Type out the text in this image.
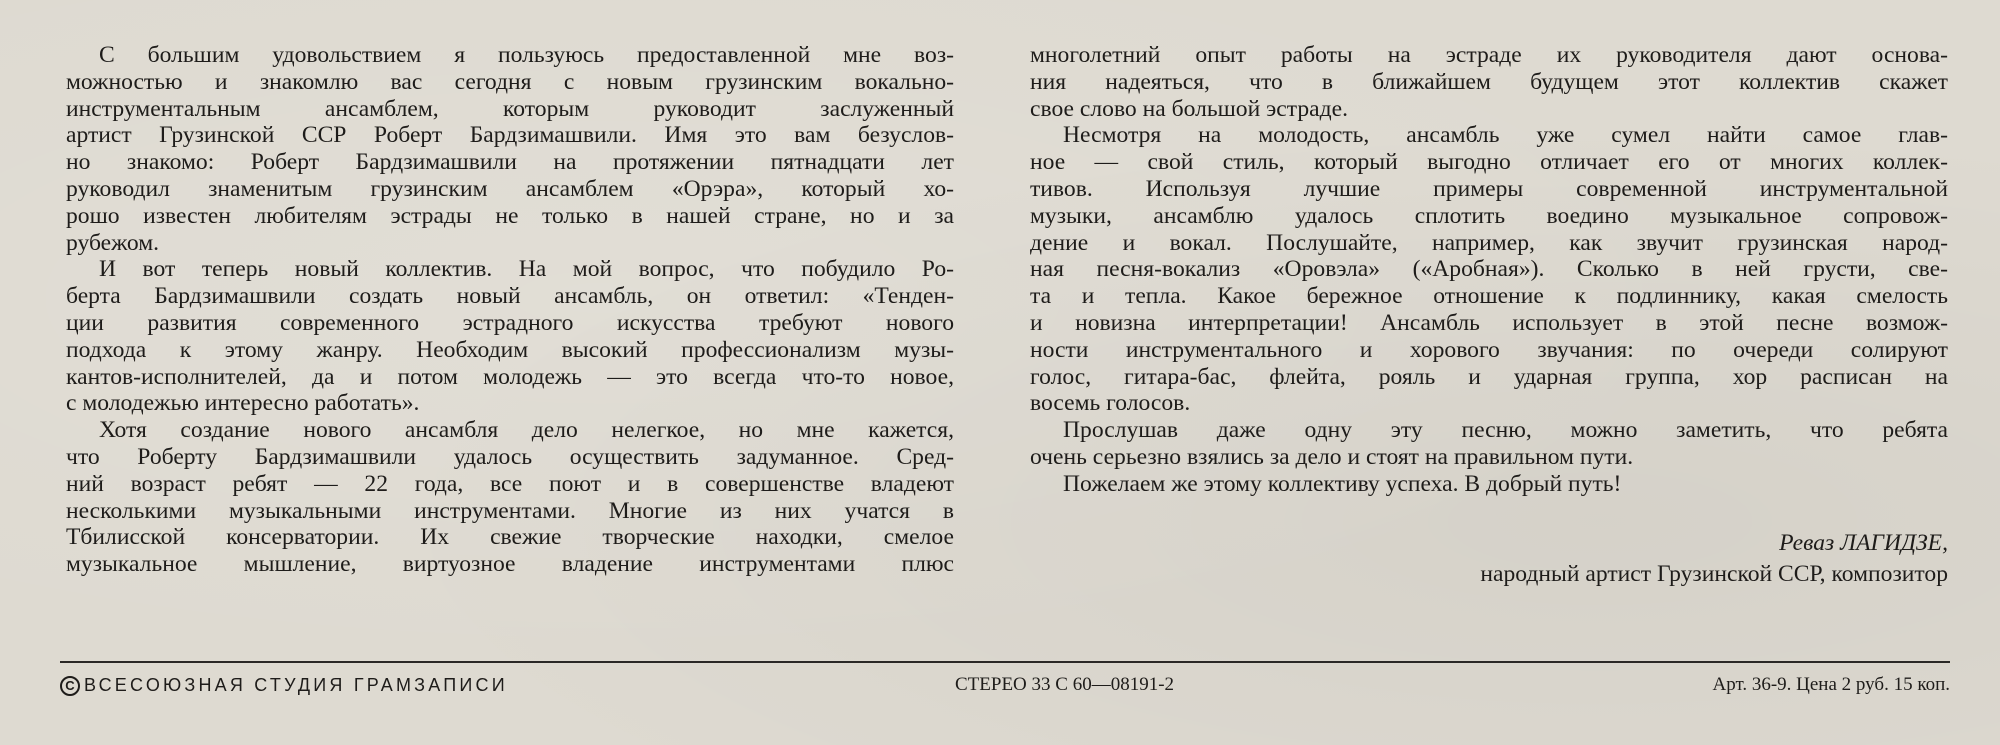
С большим удовольствием я пользуюсь предоставленной мне воз-
можностью и знакомлю вас сегодня с новым грузинским вокально-
инструментальным ансамблем, которым руководит заслуженный
артист Грузинской ССР Роберт Бардзимашвили. Имя это вам безуслов-
но знакомо: Роберт Бардзимашвили на протяжении пятнадцати лет
руководил знаменитым грузинским ансамблем «Орэра», который хо-
рошо известен любителям эстрады не только в нашей стране, но и за
рубежом.
И вот теперь новый коллектив. На мой вопрос, что побудило Ро-
берта Бардзимашвили создать новый ансамбль, он ответил: «Тенден-
ции развития современного эстрадного искусства требуют нового
подхода к этому жанру. Необходим высокий профессионализм музы-
кантов-исполнителей, да и потом молодежь — это всегда что-то новое,
с молодежью интересно работать».
Хотя создание нового ансамбля дело нелегкое, но мне кажется,
что Роберту Бардзимашвили удалось осуществить задуманное. Сред-
ний возраст ребят — 22 года, все поют и в совершенстве владеют
несколькими музыкальными инструментами. Многие из них учатся в
Тбилисской консерватории. Их свежие творческие находки, смелое
музыкальное мышление, виртуозное владение инструментами плюс
многолетний опыт работы на эстраде их руководителя дают основа-
ния надеяться, что в ближайшем будущем этот коллектив скажет
свое слово на большой эстраде.
Несмотря на молодость, ансамбль уже сумел найти самое глав-
ное — свой стиль, который выгодно отличает его от многих коллек-
тивов. Используя лучшие примеры современной инструментальной
музыки, ансамблю удалось сплотить воедино музыкальное сопровож-
дение и вокал. Послушайте, например, как звучит грузинская народ-
ная песня-вокализ «Оровэла» («Аробная»). Сколько в ней грусти, све-
та и тепла. Какое бережное отношение к подлиннику, какая смелость
и новизна интерпретации! Ансамбль использует в этой песне возмож-
ности инструментального и хорового звучания: по очереди солируют
голос, гитара-бас, флейта, рояль и ударная группа, хор расписан на
восемь голосов.
Прослушав даже одну эту песню, можно заметить, что ребята
очень серьезно взялись за дело и стоят на правильном пути.
Пожелаем же этому коллективу успеха. В добрый путь!
Реваз ЛАГИДЗЕ,
народный артист Грузинской ССР, композитор
С ВСЕСОЮЗНАЯ СТУДИЯ ГРАМЗАПИСИ	СТЕРЕО 33 С 60—08191-2	Арт. 36-9. Цена 2 руб. 15 коп.
